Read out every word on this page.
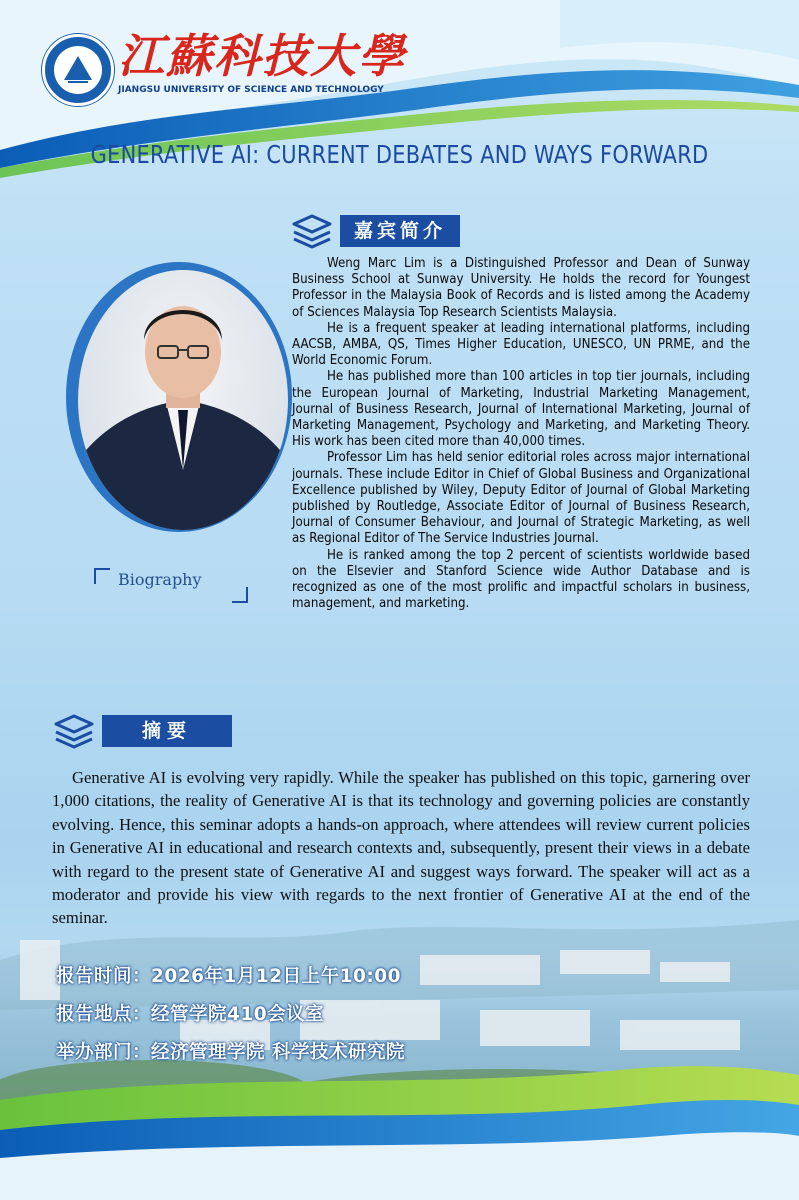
江蘇科技大學
JIANGSU UNIVERSITY OF SCIENCE AND TECHNOLOGY
GENERATIVE AI: CURRENT DEBATES AND WAYS FORWARD
嘉宾简介
Biography

Weng Marc Lim is a Distinguished Professor and Dean of Sunway Business School at Sunway University. He holds the record for Youngest Professor in the Malaysia Book of Records and is listed among the Academy of Sciences Malaysia Top Research Scientists Malaysia.

He is a frequent speaker at leading international platforms, including AACSB, AMBA, QS, Times Higher Education, UNESCO, UN PRME, and the World Economic Forum.

He has published more than 100 articles in top tier journals, including the European Journal of Marketing, Industrial Marketing Management, Journal of Business Research, Journal of International Marketing, Journal of Marketing Management, Psychology and Marketing, and Marketing Theory. His work has been cited more than 40,000 times.

Professor Lim has held senior editorial roles across major international journals. These include Editor in Chief of Global Business and Organizational Excellence published by Wiley, Deputy Editor of Journal of Global Marketing published by Routledge, Associate Editor of Journal of Business Research, Journal of Consumer Behaviour, and Journal of Strategic Marketing, as well as Regional Editor of The Service Industries Journal.

He is ranked among the top 2 percent of scientists worldwide based on the Elsevier and Stanford Science wide Author Database and is recognized as one of the most prolific and impactful scholars in business, management, and marketing.

摘要

Generative AI is evolving very rapidly. While the speaker has published on this topic, garnering over 1,000 citations, the reality of Generative AI is that its technology and governing policies are constantly evolving. Hence, this seminar adopts a hands-on approach, where attendees will review current policies in Generative AI in educational and research contexts and, subsequently, present their views in a debate with regard to the present state of Generative AI and suggest ways forward. The speaker will act as a moderator and provide his view with regards to the next frontier of Generative AI at the end of the seminar.

报告时间：2026年1月12日上午10:00
报告地点：经管学院410会议室
举办部门：经济管理学院 科学技术研究院
